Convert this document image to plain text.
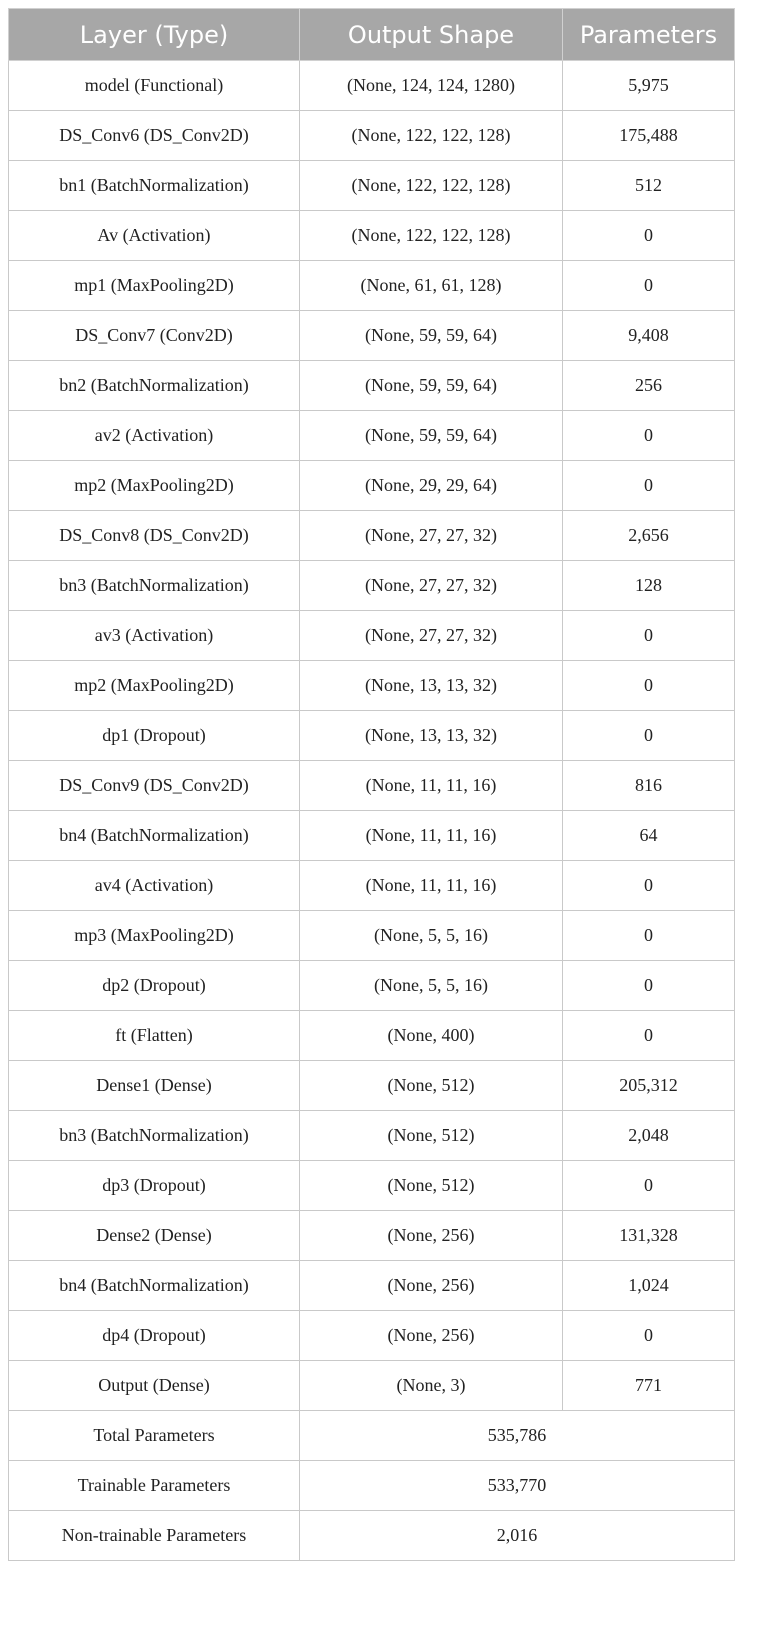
Layer (Type)	Output Shape	Parameters
model (Functional)	(None, 124, 124, 1280)	5,975
DS_Conv6 (DS_Conv2D)	(None, 122, 122, 128)	175,488
bn1 (BatchNormalization)	(None, 122, 122, 128)	512
Av (Activation)	(None, 122, 122, 128)	0
mp1 (MaxPooling2D)	(None, 61, 61, 128)	0
DS_Conv7 (Conv2D)	(None, 59, 59, 64)	9,408
bn2 (BatchNormalization)	(None, 59, 59, 64)	256
av2 (Activation)	(None, 59, 59, 64)	0
mp2 (MaxPooling2D)	(None, 29, 29, 64)	0
DS_Conv8 (DS_Conv2D)	(None, 27, 27, 32)	2,656
bn3 (BatchNormalization)	(None, 27, 27, 32)	128
av3 (Activation)	(None, 27, 27, 32)	0
mp2 (MaxPooling2D)	(None, 13, 13, 32)	0
dp1 (Dropout)	(None, 13, 13, 32)	0
DS_Conv9 (DS_Conv2D)	(None, 11, 11, 16)	816
bn4 (BatchNormalization)	(None, 11, 11, 16)	64
av4 (Activation)	(None, 11, 11, 16)	0
mp3 (MaxPooling2D)	(None, 5, 5, 16)	0
dp2 (Dropout)	(None, 5, 5, 16)	0
ft (Flatten)	(None, 400)	0
Dense1 (Dense)	(None, 512)	205,312
bn3 (BatchNormalization)	(None, 512)	2,048
dp3 (Dropout)	(None, 512)	0
Dense2 (Dense)	(None, 256)	131,328
bn4 (BatchNormalization)	(None, 256)	1,024
dp4 (Dropout)	(None, 256)	0
Output (Dense)	(None, 3)	771
Total Parameters	535,786	
Trainable Parameters	533,770	
Non-trainable Parameters	2,016	
